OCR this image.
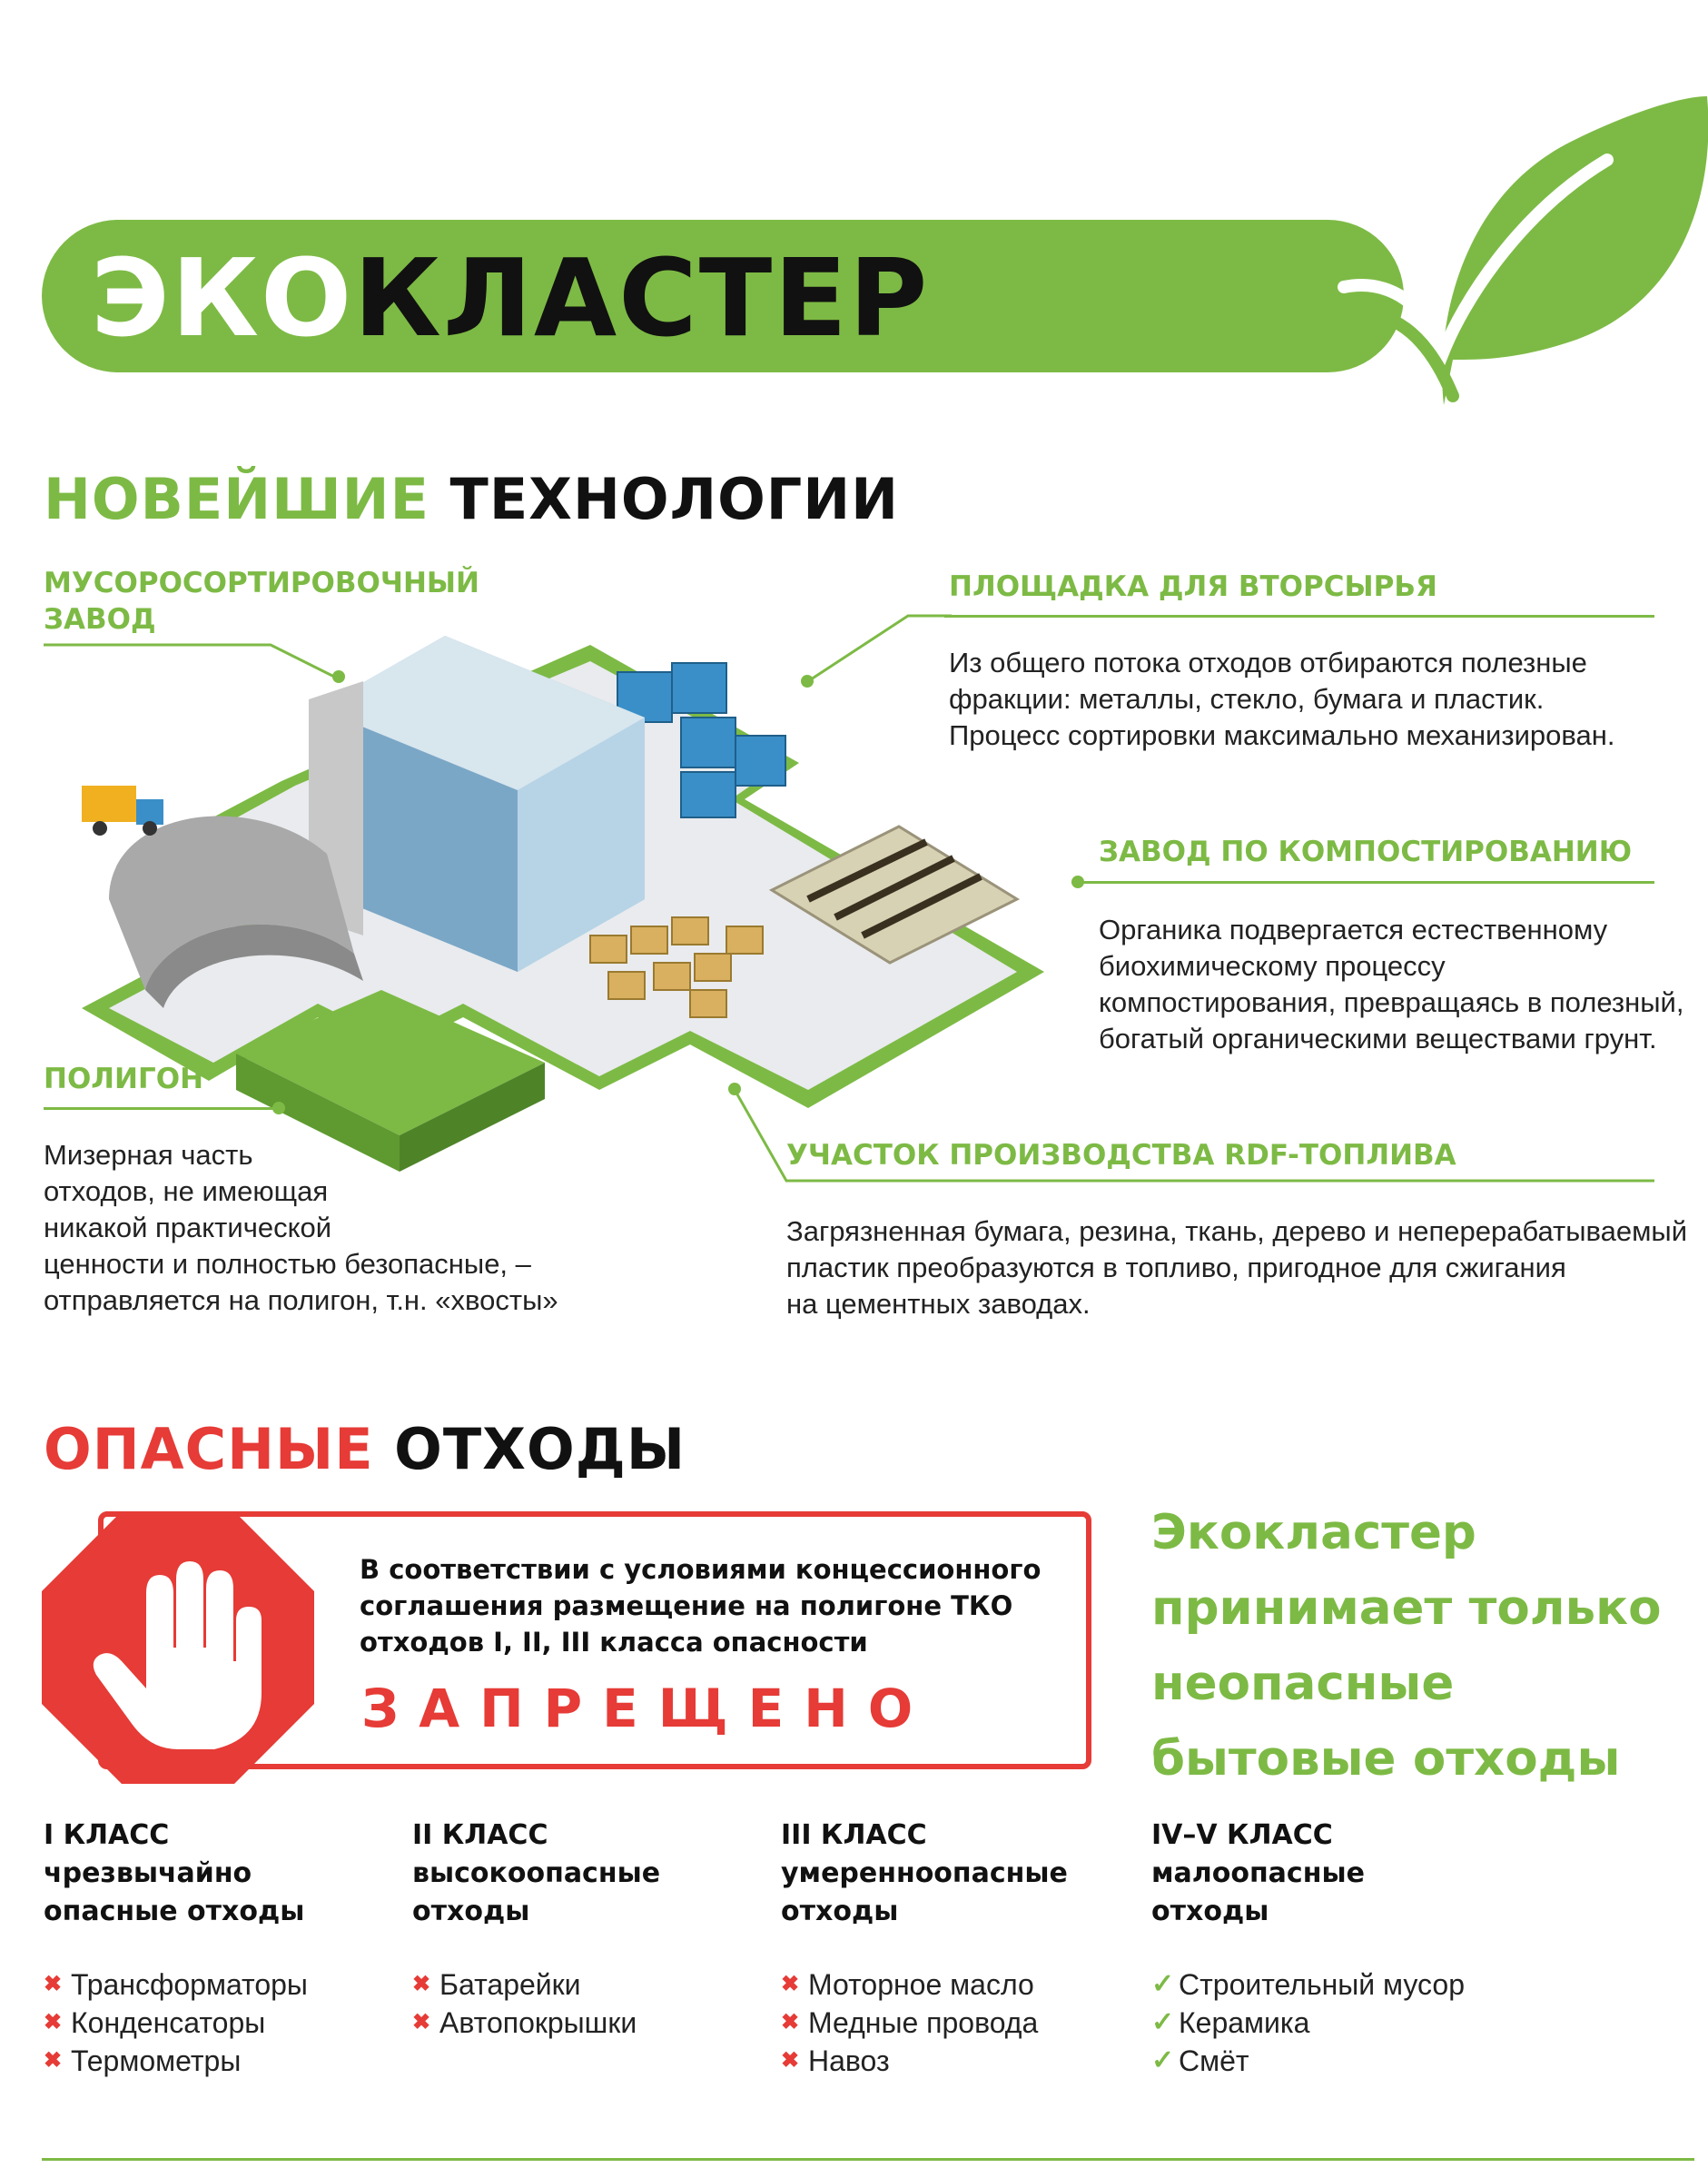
ЭКОКЛАСТЕР
НОВЕЙШИЕ ТЕХНОЛОГИИ
МУСОРОСОРТИРОВОЧНЫЙ
ЗАВОД
ПЛОЩАДКА ДЛЯ ВТОРСЫРЬЯ
Из общего потока отходов отбираются полезные
фракции: металлы, стекло, бумага и пластик.
Процесс сортировки максимально механизирован.
ЗАВОД ПО КОМПОСТИРОВАНИЮ
Органика подвергается естественному
биохимическому процессу
компостирования, превращаясь в полезный,
богатый органическими веществами грунт.
ПОЛИГОН
Мизерная часть
отходов, не имеющая
никакой практической
ценности и полностью безопасные, –
отправляется на полигон, т.н. «хвосты»
УЧАСТОК ПРОИЗВОДСТВА RDF-ТОПЛИВА
Загрязненная бумага, резина, ткань, дерево и неперерабатываемый
пластик преобразуются в топливо, пригодное для сжигания
на цементных заводах.
ОПАСНЫЕ ОТХОДЫ
В соответствии с условиями концессионного
соглашения размещение на полигоне ТКО
отходов I, II, III класса опасности
ЗАПРЕЩЕНО
Экокластер
принимает только
неопасные
бытовые отходы
I КЛАСС
чрезвычайно
опасные отходы
✖ Трансформаторы
✖ Конденсаторы
✖ Термометры
II КЛАСС
высокоопасные
отходы
✖ Батарейки
✖ Автопокрышки
III КЛАСС
умеренноопасные
отходы
✖ Моторное масло
✖ Медные провода
✖ Навоз
IV–V КЛАСС
малоопасные
отходы
✓ Строительный мусор
✓ Керамика
✓ Смёт
